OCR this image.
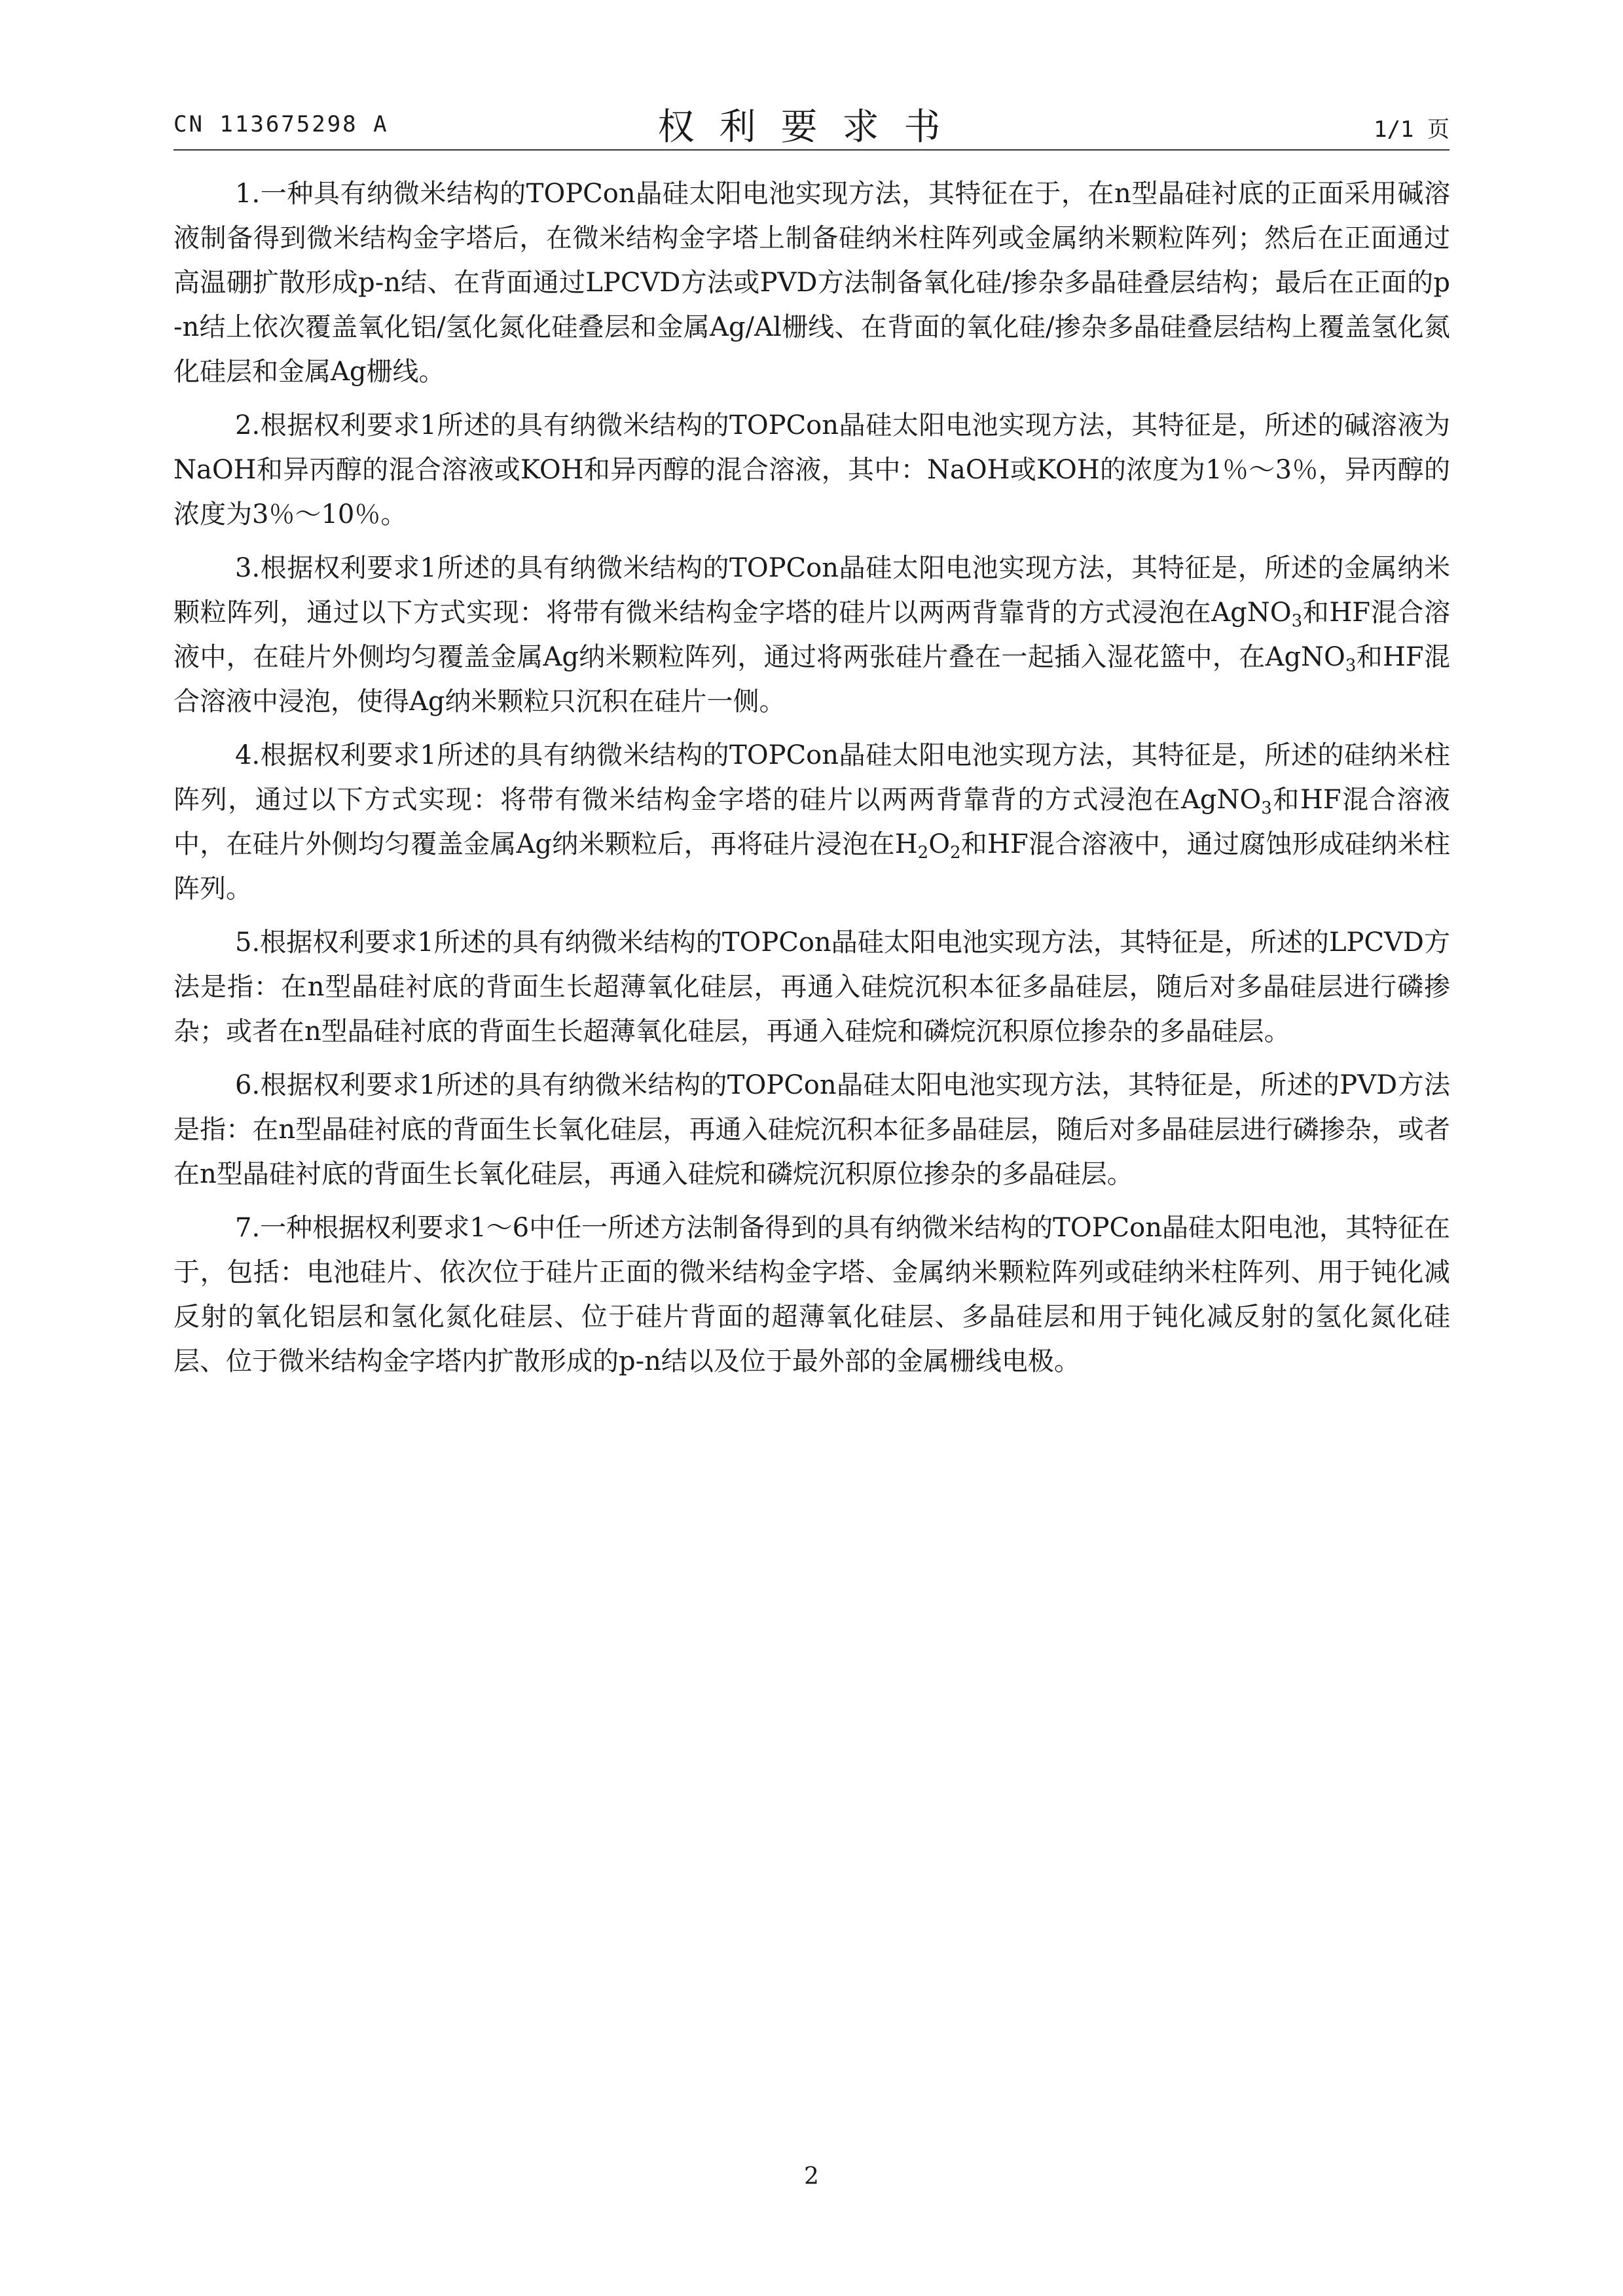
CN 113675298 A	权利要求书	1/1 页

1.一种具有纳微米结构的TOPCon晶硅太阳电池实现方法，其特征在于，在n型晶硅衬底的正面采用碱溶液制备得到微米结构金字塔后，在微米结构金字塔上制备硅纳米柱阵列或金属纳米颗粒阵列；然后在正面通过高温硼扩散形成p-n结、在背面通过LPCVD方法或PVD方法制备氧化硅/掺杂多晶硅叠层结构；最后在正面的p-n结上依次覆盖氧化铝/氢化氮化硅叠层和金属Ag/Al栅线、在背面的氧化硅/掺杂多晶硅叠层结构上覆盖氢化氮化硅层和金属Ag栅线。

2.根据权利要求1所述的具有纳微米结构的TOPCon晶硅太阳电池实现方法，其特征是，所述的碱溶液为NaOH和异丙醇的混合溶液或KOH和异丙醇的混合溶液，其中：NaOH或KOH的浓度为1％～3％，异丙醇的浓度为3％～10％。

3.根据权利要求1所述的具有纳微米结构的TOPCon晶硅太阳电池实现方法，其特征是，所述的金属纳米颗粒阵列，通过以下方式实现：将带有微米结构金字塔的硅片以两两背靠背的方式浸泡在AgNO$_3$和HF混合溶液中，在硅片外侧均匀覆盖金属Ag纳米颗粒阵列，通过将两张硅片叠在一起插入湿花篮中，在AgNO$_3$和HF混合溶液中浸泡，使得Ag纳米颗粒只沉积在硅片一侧。

4.根据权利要求1所述的具有纳微米结构的TOPCon晶硅太阳电池实现方法，其特征是，所述的硅纳米柱阵列，通过以下方式实现：将带有微米结构金字塔的硅片以两两背靠背的方式浸泡在AgNO$_3$和HF混合溶液中，在硅片外侧均匀覆盖金属Ag纳米颗粒后，再将硅片浸泡在$H_2O_2$和HF混合溶液中，通过腐蚀形成硅纳米柱阵列。

5.根据权利要求1所述的具有纳微米结构的TOPCon晶硅太阳电池实现方法，其特征是，所述的LPCVD方法是指：在n型晶硅衬底的背面生长超薄氧化硅层，再通入硅烷沉积本征多晶硅层，随后对多晶硅层进行磷掺杂；或者在n型晶硅衬底的背面生长超薄氧化硅层，再通入硅烷和磷烷沉积原位掺杂的多晶硅层。

6.根据权利要求1所述的具有纳微米结构的TOPCon晶硅太阳电池实现方法，其特征是，所述的PVD方法是指：在n型晶硅衬底的背面生长氧化硅层，再通入硅烷沉积本征多晶硅层，随后对多晶硅层进行磷掺杂，或者在n型晶硅衬底的背面生长氧化硅层，再通入硅烷和磷烷沉积原位掺杂的多晶硅层。

7.一种根据权利要求1～6中任一所述方法制备得到的具有纳微米结构的TOPCon晶硅太阳电池，其特征在于，包括：电池硅片、依次位于硅片正面的微米结构金字塔、金属纳米颗粒阵列或硅纳米柱阵列、用于钝化减反射的氧化铝层和氢化氮化硅层、位于硅片背面的超薄氧化硅层、多晶硅层和用于钝化减反射的氢化氮化硅层、位于微米结构金字塔内扩散形成的p-n结以及位于最外部的金属栅线电极。

2
